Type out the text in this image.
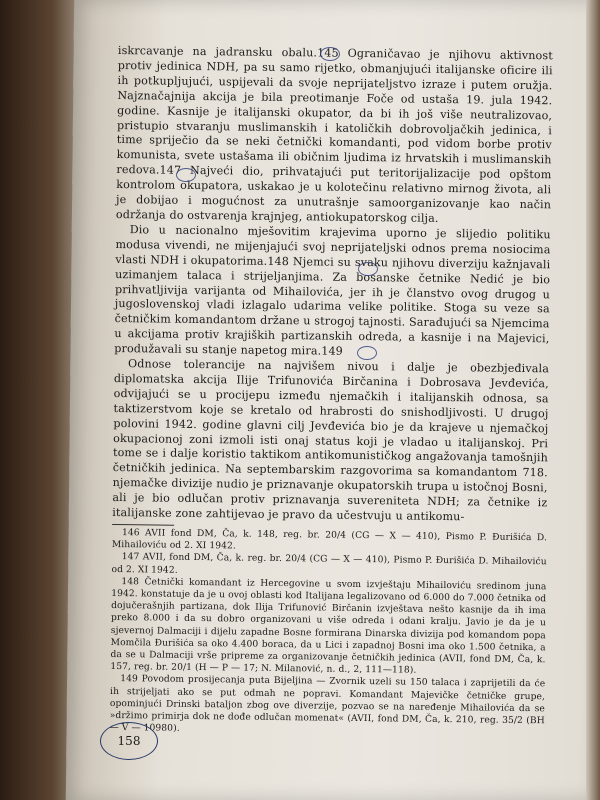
iskrcavanje na jadransku obalu.145 Ograničavao je njihovu aktivnost protiv jedinica NDH, pa su samo rijetko, obmanjujući italijanske oficire ili ih potkupljujući, uspijevali da svoje neprijateljstvo izraze i putem oružja. Najznačajnija akcija je bila preotimanje Foče od ustaša 19. jula 1942. godine. Kasnije je italijanski okupator, da bi ih još više neutralizovao, pristupio stvaranju muslimanskih i katoličkih dobrovoljačkih jedinica, i time spriječio da se neki četnički komandanti, pod vidom borbe protiv komunista, svete ustašama ili običnim ljudima iz hrvatskih i muslimanskih redova.147 Najveći dio, prihvatajući put teritorijalizacije pod opštom kontrolom okupatora, uskakao je u kolotečinu relativno mirnog života, ali je dobijao i mogućnost za unutrašnje samoorganizovanje kao način održanja do ostvarenja krajnjeg, antiokupatorskog cilja.

Dio u nacionalno mješovitim krajevima uporno je slijedio politiku modusa vivendi, ne mijenjajući svoj neprijateljski odnos prema nosiocima vlasti NDH i okupatorima.148 Njemci su svaku njihovu diverziju kažnjavali uzimanjem talaca i strijeljanjima. Za bosanske četnike Nedić je bio prihvatljivija varijanta od Mihailovića, jer ih je članstvo ovog drugog u jugoslovenskoj vladi izlagalo udarima velike politike. Stoga su veze sa četničkim komandantom držane u strogoj tajnosti. Sarađujući sa Njemcima u akcijama protiv krajiških partizanskih odreda, a kasnije i na Majevici, produžavali su stanje napetog mira.149

Odnose tolerancije na najvišem nivou i dalje je obezbjeđivala diplomatska akcija Ilije Trifunovića Birčanina i Dobrosava Jevđevića, odvijajući se u procijepu između njemačkih i italijanskih odnosa, sa taktizerstvom koje se kretalo od hrabrosti do snishodljivosti. U drugoj polovini 1942. godine glavni cilj Jevđevića bio je da krajeve u njemačkoj okupacionoj zoni izmoli isti onaj status koji je vladao u italijanskoj. Pri tome se i dalje koristio taktikom antikomunističkog angažovanja tamošnjih četničkih jedinica. Na septembarskim razgovorima sa komandantom 718. njemačke divizije nudio je priznavanje okupatorskih trupa u istočnoj Bosni, ali je bio odlučan protiv priznavanja suvereniteta NDH; za četnike iz italijanske zone zahtijevao je pravo da učestvuju u antikomu-

146 AVII fond DM, Ča, k. 148, reg. br. 20/4 (CG — X — 410), Pismo P. Đurišića D. Mihailoviću od 2. XI 1942.

147 AVII, fond DM, Ča, k. reg. br. 20/4 (CG — X — 410), Pismo P. Đurišića D. Mihailoviću od 2. XI 1942.

148 Četnički komandant iz Hercegovine u svom izvještaju Mihailoviću sredinom juna 1942. konstatuje da je u ovoj oblasti kod Italijana legalizovano od 6.000 do 7.000 četnika od dojučerašnjih partizana, dok Ilija Trifunović Birčanin izvještava nešto kasnije da ih ima preko 8.000 i da su dobro organizovani u više odreda i odani kralju. Javio je da je u sjevernoj Dalmaciji i dijelu zapadne Bosne formirana Dinarska divizija pod komandom popa Momčila Đurišića sa oko 4.400 boraca, da u Lici i zapadnoj Bosni ima oko 1.500 četnika, a da se u Dalmaciji vrše pripreme za organizovanje četničkih jedinica (AVII, fond DM, Ča, k. 157, reg. br. 20/1 (H — P — 17; N. Milanović, n. d., 2, 111—118).

149 Povodom prosijecanja puta Bijeljina — Zvornik uzeli su 150 talaca i zaprijetili da će ih strijeljati ako se put odmah ne popravi. Komandant Majevičke četničke grupe, opominjući Drinski bataljon zbog ove diverzije, pozvao se na naređenje Mihailovića da se »držimo primirja dok ne dođe odlučan momenat« (AVII, fond DM, Ča, k. 210, reg. 35/2 (BH — V — 10980).

158
